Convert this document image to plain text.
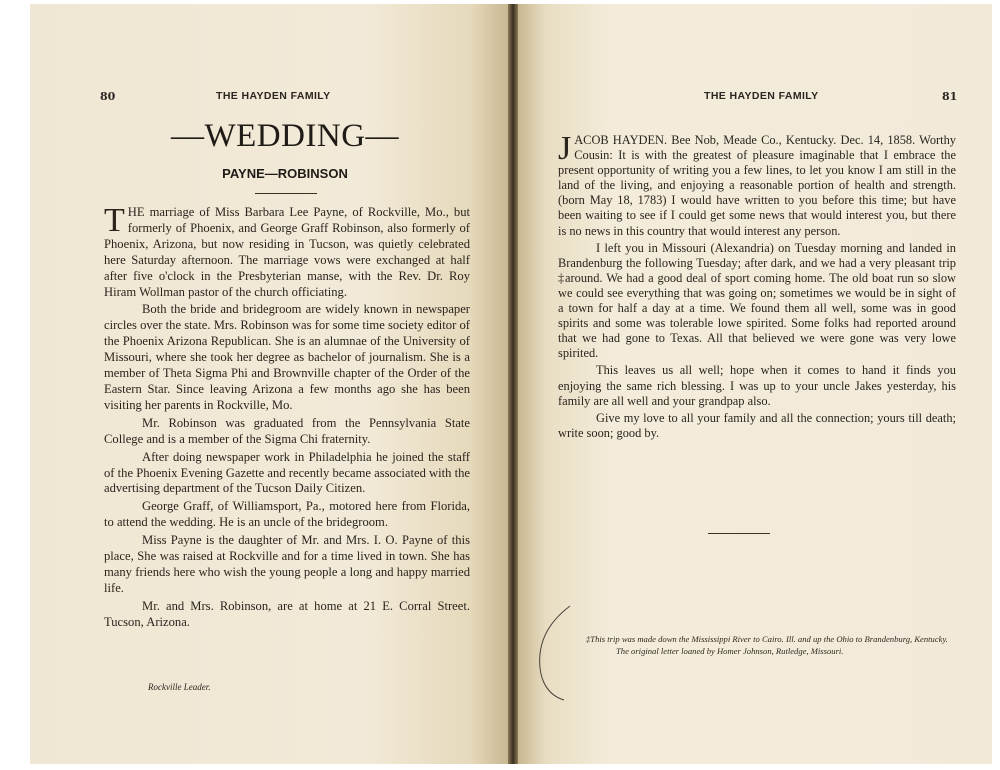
80	THE HAYDEN FAMILY
—WEDDING—
PAYNE—ROBINSON

THE marriage of Miss Barbara Lee Payne, of Rockville, Mo., but formerly of Phoenix, and George Graff Robinson, also formerly of Phoenix, Arizona, but now residing in Tucson, was quietly celebrated here Saturday afternoon. The marriage vows were exchanged at half after five o'clock in the Presbyterian manse, with the Rev. Dr. Roy Hiram Wollman pastor of the church officiating.

Both the bride and bridegroom are widely known in newspaper circles over the state. Mrs. Robinson was for some time society editor of the Phoenix Arizona Republican. She is an alumnae of the University of Missouri, where she took her degree as bachelor of journalism. She is a member of Theta Sigma Phi and Brownville chapter of the Order of the Eastern Star. Since leaving Arizona a few months ago she has been visiting her parents in Rockville, Mo.

Mr. Robinson was graduated from the Pennsylvania State College and is a member of the Sigma Chi fraternity.

After doing newspaper work in Philadelphia he joined the staff of the Phoenix Evening Gazette and recently became associated with the advertising department of the Tucson Daily Citizen.

George Graff, of Williamsport, Pa., motored here from Florida, to attend the wedding. He is an uncle of the bridegroom.

Miss Payne is the daughter of Mr. and Mrs. I. O. Payne of this place, She was raised at Rockville and for a time lived in town. She has many friends here who wish the young people a long and happy married life.

Mr. and Mrs. Robinson, are at home at 21 E. Corral Street. Tucson, Arizona.

Rockville Leader.
THE HAYDEN FAMILY	81

JACOB HAYDEN. Bee Nob, Meade Co., Kentucky. Dec. 14, 1858. Worthy Cousin: It is with the greatest of pleasure imaginable that I embrace the present opportunity of writing you a few lines, to let you know I am still in the land of the living, and enjoying a reasonable portion of health and strength. (born May 18, 1783) I would have written to you before this time; but have been waiting to see if I could get some news that would interest you, but there is no news in this country that would interest any person.

I left you in Missouri (Alexandria) on Tuesday morning and landed in Brandenburg the following Tuesday; after dark, and we had a very pleasant trip ‡around. We had a good deal of sport coming home. The old boat run so slow we could see everything that was going on; sometimes we would be in sight of a town for half a day at a time. We found them all well, some was in good spirits and some was tolerable lowe spirited. Some folks had reported around that we had gone to Texas. All that believed we were gone was very lowe spirited.

This leaves us all well; hope when it comes to hand it finds you enjoying the same rich blessing. I was up to your uncle Jakes yesterday, his family are all well and your grandpap also.

Give my love to all your family and all the connection; yours till death; write soon; good by.

‡This trip was made down the Mississippi River to Cairo. Ill. and up the Ohio to Brandenburg, Kentucky.

The original letter loaned by Homer Johnson, Rutledge, Missouri.
